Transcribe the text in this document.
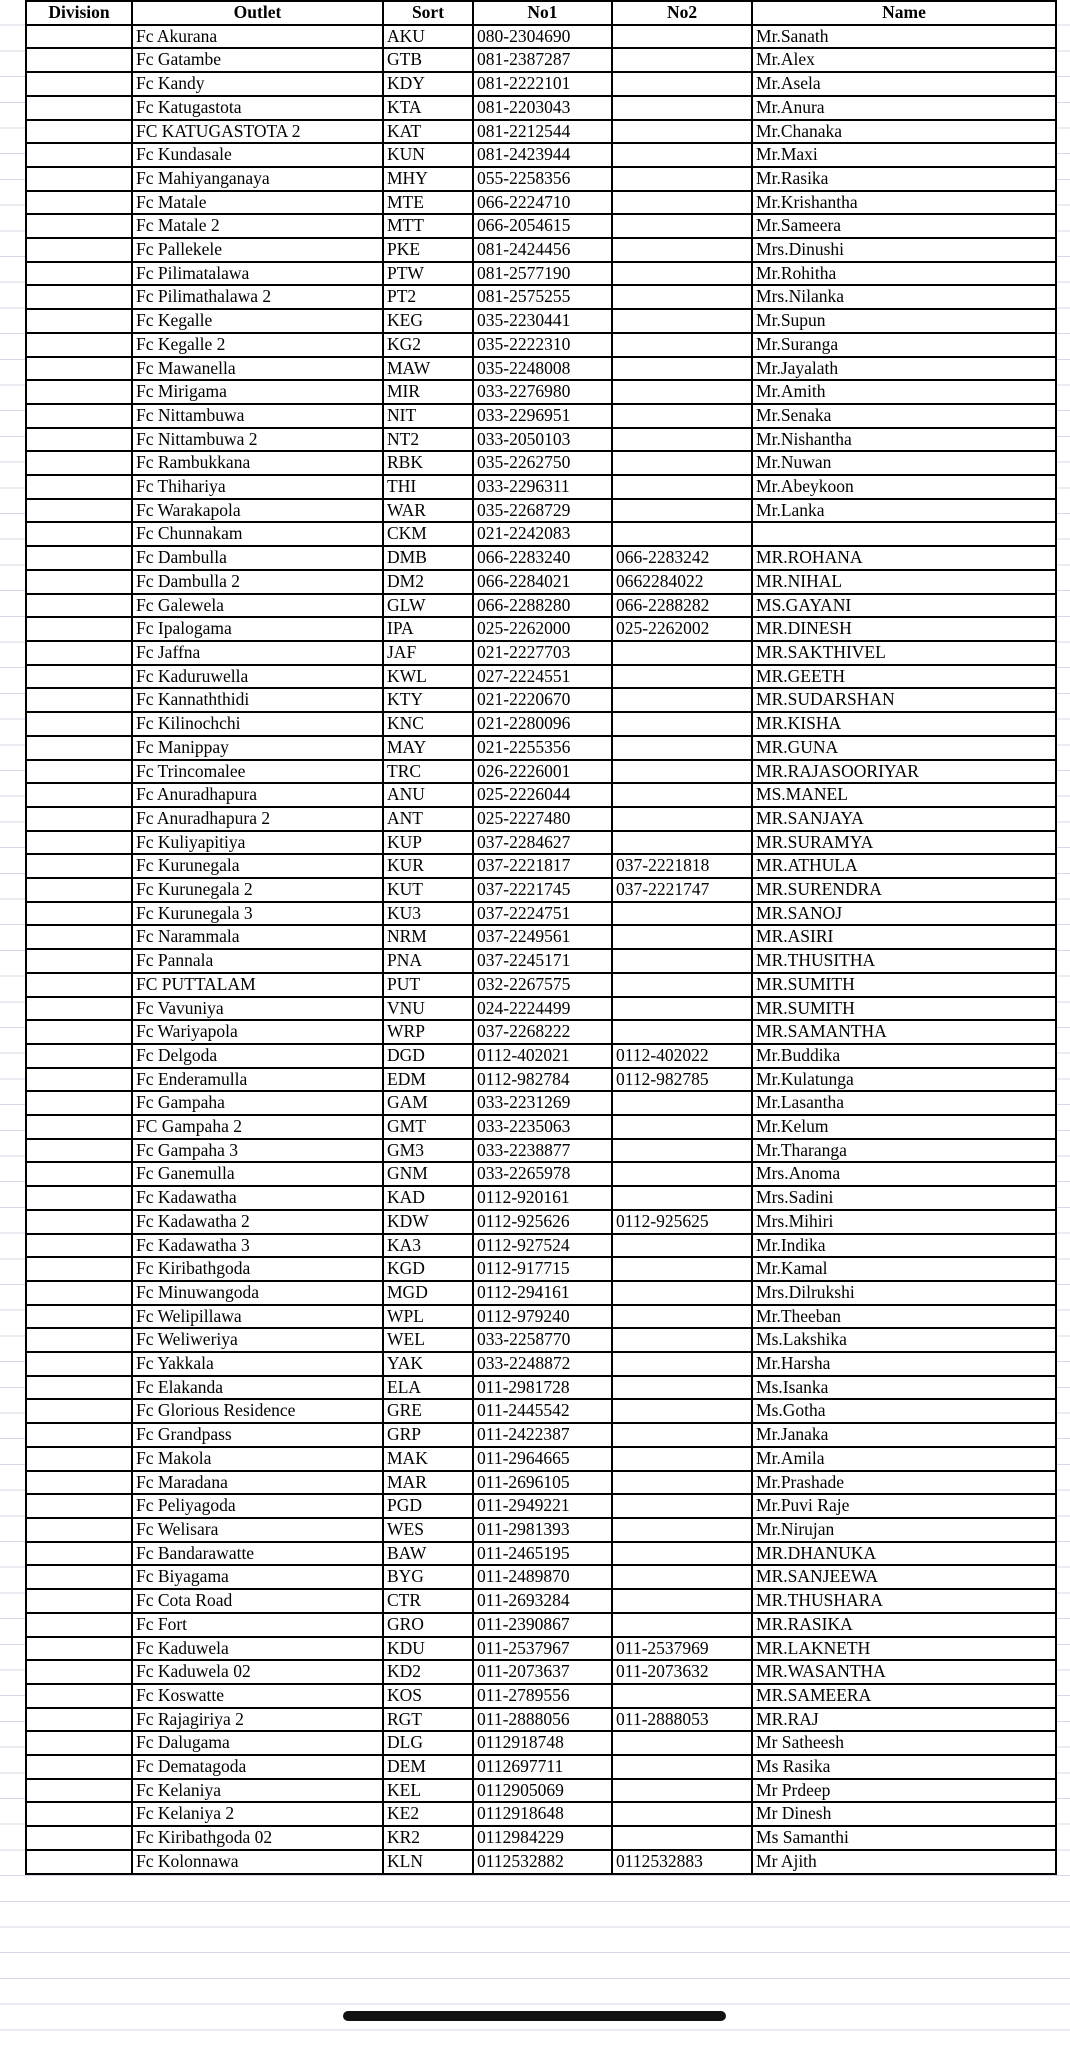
Division	Outlet	Sort	No1	No2	Name
	Fc Akurana	AKU	080-2304690		Mr.Sanath
	Fc Gatambe	GTB	081-2387287		Mr.Alex
	Fc Kandy	KDY	081-2222101		Mr.Asela
	Fc Katugastota	KTA	081-2203043		Mr.Anura
	FC KATUGASTOTA 2	KAT	081-2212544		Mr.Chanaka
	Fc Kundasale	KUN	081-2423944		Mr.Maxi
	Fc Mahiyanganaya	MHY	055-2258356		Mr.Rasika
	Fc Matale	MTE	066-2224710		Mr.Krishantha
	Fc Matale 2	MTT	066-2054615		Mr.Sameera
	Fc Pallekele	PKE	081-2424456		Mrs.Dinushi
	Fc Pilimatalawa	PTW	081-2577190		Mr.Rohitha
	Fc Pilimathalawa 2	PT2	081-2575255		Mrs.Nilanka
	Fc Kegalle	KEG	035-2230441		Mr.Supun
	Fc Kegalle 2	KG2	035-2222310		Mr.Suranga
	Fc Mawanella	MAW	035-2248008		Mr.Jayalath
	Fc Mirigama	MIR	033-2276980		Mr.Amith
	Fc Nittambuwa	NIT	033-2296951		Mr.Senaka
	Fc Nittambuwa 2	NT2	033-2050103		Mr.Nishantha
	Fc Rambukkana	RBK	035-2262750		Mr.Nuwan
	Fc Thihariya	THI	033-2296311		Mr.Abeykoon
	Fc Warakapola	WAR	035-2268729		Mr.Lanka
	Fc Chunnakam	CKM	021-2242083		
	Fc Dambulla	DMB	066-2283240	066-2283242	MR.ROHANA
	Fc Dambulla 2	DM2	066-2284021	0662284022	MR.NIHAL
	Fc Galewela	GLW	066-2288280	066-2288282	MS.GAYANI
	Fc Ipalogama	IPA	025-2262000	025-2262002	MR.DINESH
	Fc Jaffna	JAF	021-2227703		MR.SAKTHIVEL
	Fc Kaduruwella	KWL	027-2224551		MR.GEETH
	Fc Kannaththidi	KTY	021-2220670		MR.SUDARSHAN
	Fc Kilinochchi	KNC	021-2280096		MR.KISHA
	Fc Manippay	MAY	021-2255356		MR.GUNA
	Fc Trincomalee	TRC	026-2226001		MR.RAJASOORIYAR
	Fc Anuradhapura	ANU	025-2226044		MS.MANEL
	Fc Anuradhapura 2	ANT	025-2227480		MR.SANJAYA
	Fc Kuliyapitiya	KUP	037-2284627		MR.SURAMYA
	Fc Kurunegala	KUR	037-2221817	037-2221818	MR.ATHULA
	Fc Kurunegala 2	KUT	037-2221745	037-2221747	MR.SURENDRA
	Fc Kurunegala 3	KU3	037-2224751		MR.SANOJ
	Fc Narammala	NRM	037-2249561		MR.ASIRI
	Fc Pannala	PNA	037-2245171		MR.THUSITHA
	FC PUTTALAM	PUT	032-2267575		MR.SUMITH
	Fc Vavuniya	VNU	024-2224499		MR.SUMITH
	Fc Wariyapola	WRP	037-2268222		MR.SAMANTHA
	Fc Delgoda	DGD	0112-402021	0112-402022	Mr.Buddika
	Fc Enderamulla	EDM	0112-982784	0112-982785	Mr.Kulatunga
	Fc Gampaha	GAM	033-2231269		Mr.Lasantha
	FC Gampaha 2	GMT	033-2235063		Mr.Kelum
	Fc Gampaha 3	GM3	033-2238877		Mr.Tharanga
	Fc Ganemulla	GNM	033-2265978		Mrs.Anoma
	Fc Kadawatha	KAD	0112-920161		Mrs.Sadini
	Fc Kadawatha 2	KDW	0112-925626	0112-925625	Mrs.Mihiri
	Fc Kadawatha 3	KA3	0112-927524		Mr.Indika
	Fc Kiribathgoda	KGD	0112-917715		Mr.Kamal
	Fc Minuwangoda	MGD	0112-294161		Mrs.Dilrukshi
	Fc Welipillawa	WPL	0112-979240		Mr.Theeban
	Fc Weliweriya	WEL	033-2258770		Ms.Lakshika
	Fc Yakkala	YAK	033-2248872		Mr.Harsha
	Fc Elakanda	ELA	011-2981728		Ms.Isanka
	Fc Glorious Residence	GRE	011-2445542		Ms.Gotha
	Fc Grandpass	GRP	011-2422387		Mr.Janaka
	Fc Makola	MAK	011-2964665		Mr.Amila
	Fc Maradana	MAR	011-2696105		Mr.Prashade
	Fc Peliyagoda	PGD	011-2949221		Mr.Puvi Raje
	Fc Welisara	WES	011-2981393		Mr.Nirujan
	Fc Bandarawatte	BAW	011-2465195		MR.DHANUKA
	Fc Biyagama	BYG	011-2489870		MR.SANJEEWA
	Fc Cota Road	CTR	011-2693284		MR.THUSHARA
	Fc Fort	GRO	011-2390867		MR.RASIKA
	Fc Kaduwela	KDU	011-2537967	011-2537969	MR.LAKNETH
	Fc Kaduwela 02	KD2	011-2073637	011-2073632	MR.WASANTHA
	Fc Koswatte	KOS	011-2789556		MR.SAMEERA
	Fc Rajagiriya 2	RGT	011-2888056	011-2888053	MR.RAJ
	Fc Dalugama	DLG	0112918748		Mr Satheesh
	Fc Dematagoda	DEM	0112697711		Ms Rasika
	Fc Kelaniya	KEL	0112905069		Mr Prdeep
	Fc Kelaniya 2	KE2	0112918648		Mr Dinesh
	Fc Kiribathgoda 02	KR2	0112984229		Ms Samanthi
	Fc Kolonnawa	KLN	0112532882	0112532883	Mr Ajith
